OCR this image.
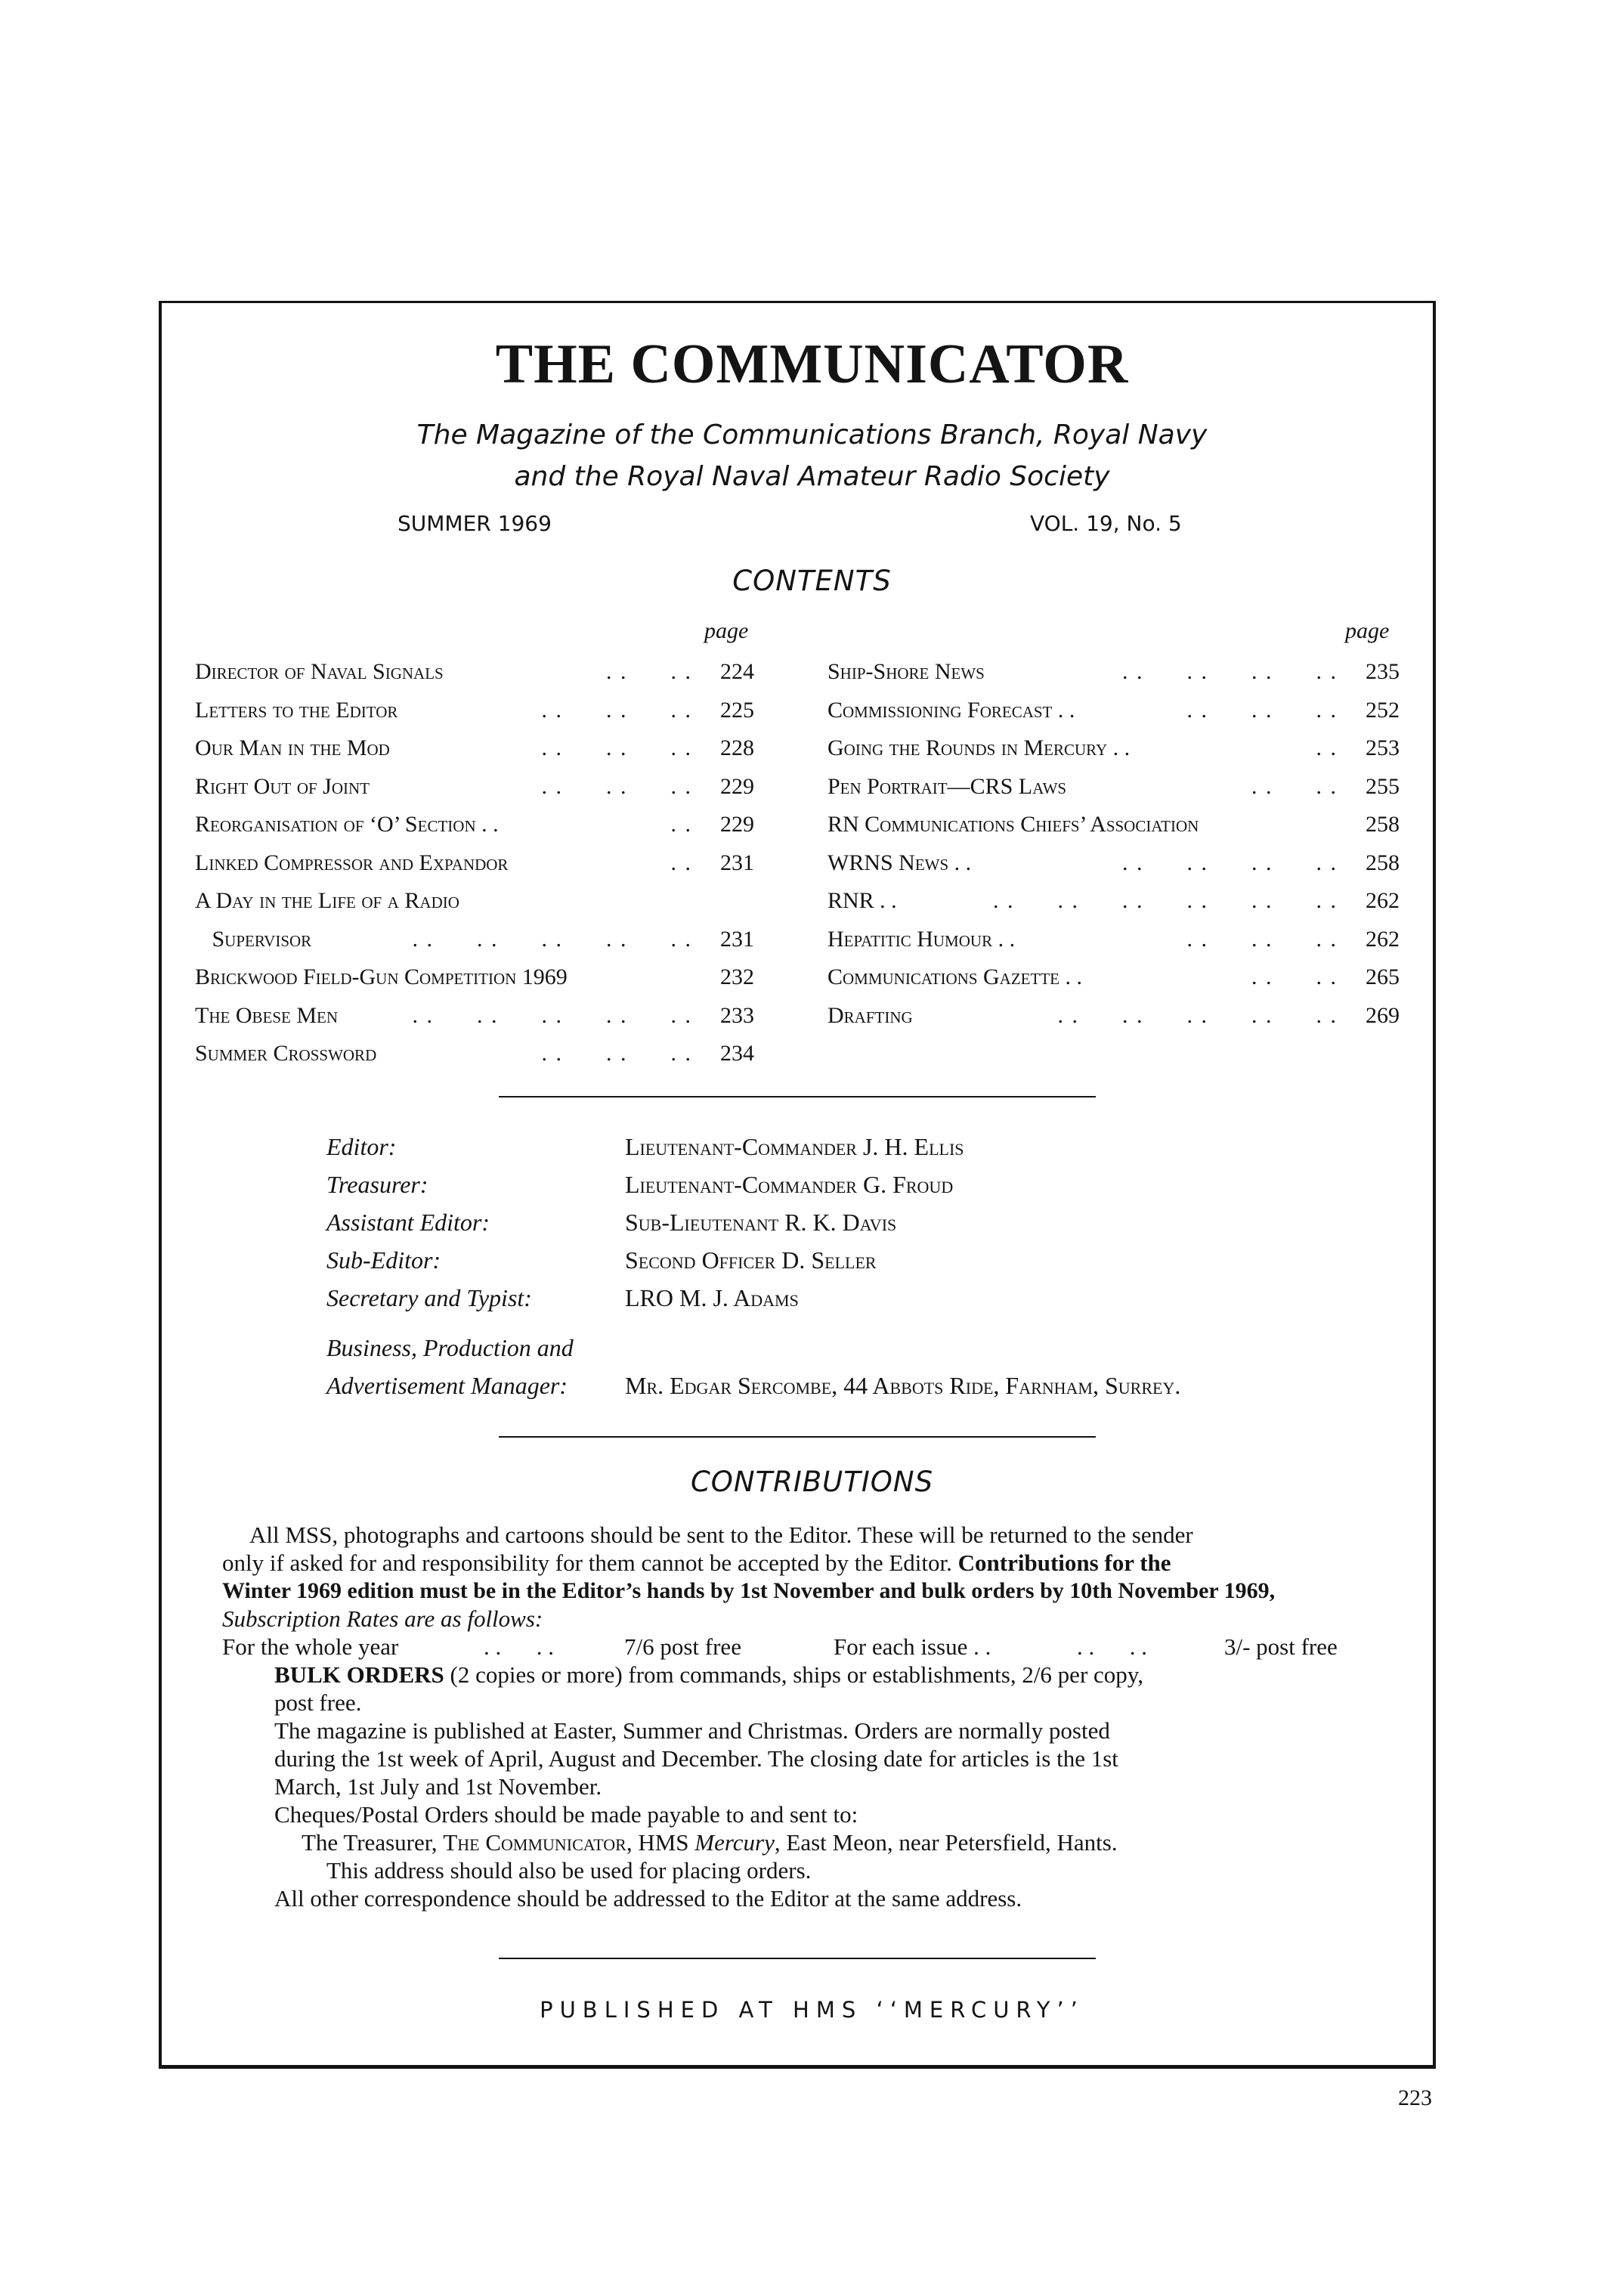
THE COMMUNICATOR
The Magazine of the Communications Branch, Royal Navy
and the Royal Naval Amateur Radio Society
SUMMER 1969	VOL. 19, No. 5
CONTENTS
page	page
Director of Naval Signals	. .      . .	224
Letters to the Editor	. .      . .      . .	225
Our Man in the Mod	. .      . .      . .	228
Right Out of Joint	. .      . .      . .	229
Reorganisation of ‘O’ Section . .	. .	229
Linked Compressor and Expandor	. .	231
A Day in the Life of a Radio
Supervisor	. .      . .      . .      . .      . .	231
Brickwood Field-Gun Competition 1969	232
The Obese Men	. .      . .      . .      . .      . .	233
Summer Crossword	. .      . .      . .	234
Ship-Shore News	. .      . .      . .      . .	235
Commissioning Forecast . .	. .      . .      . .	252
Going the Rounds in Mercury . .	. .	253
Pen Portrait—CRS Laws	. .      . .	255
RN Communications Chiefs’ Association	258
WRNS News . .	. .      . .      . .      . .	258
RNR . .	. .      . .      . .      . .      . .      . .	262
Hepatitic Humour . .	. .      . .      . .	262
Communications Gazette . .	. .      . .	265
Drafting	. .      . .      . .      . .      . .	269
Editor:	Lieutenant-Commander J. H. Ellis
Treasurer:	Lieutenant-Commander G. Froud
Assistant Editor:	Sub-Lieutenant R. K. Davis
Sub-Editor:	Second Officer D. Seller
Secretary and Typist:	LRO M. J. Adams
Business, Production and
Advertisement Manager: Mr. Edgar Sercombe, 44 Abbots Ride, Farnham, Surrey.
CONTRIBUTIONS
All MSS, photographs and cartoons should be sent to the Editor. These will be returned to the sender
only if asked for and responsibility for them cannot be accepted by the Editor. Contributions for the
Winter 1969 edition must be in the Editor’s hands by 1st November and bulk orders by 10th November 1969,
Subscription Rates are as follows:
For the whole year	. .      . .	7/6 post free	For each issue . .	. .      . .	3/- post free
BULK ORDERS (2 copies or more) from commands, ships or establishments, 2/6 per copy,
post free.
The magazine is published at Easter, Summer and Christmas. Orders are normally posted
during the 1st week of April, August and December. The closing date for articles is the 1st
March, 1st July and 1st November.
Cheques/Postal Orders should be made payable to and sent to:
The Treasurer, The Communicator, HMS Mercury, East Meon, near Petersfield, Hants.
This address should also be used for placing orders.
All other correspondence should be addressed to the Editor at the same address.
PUBLISHED AT HMS ‘‘MERCURY’’
223
